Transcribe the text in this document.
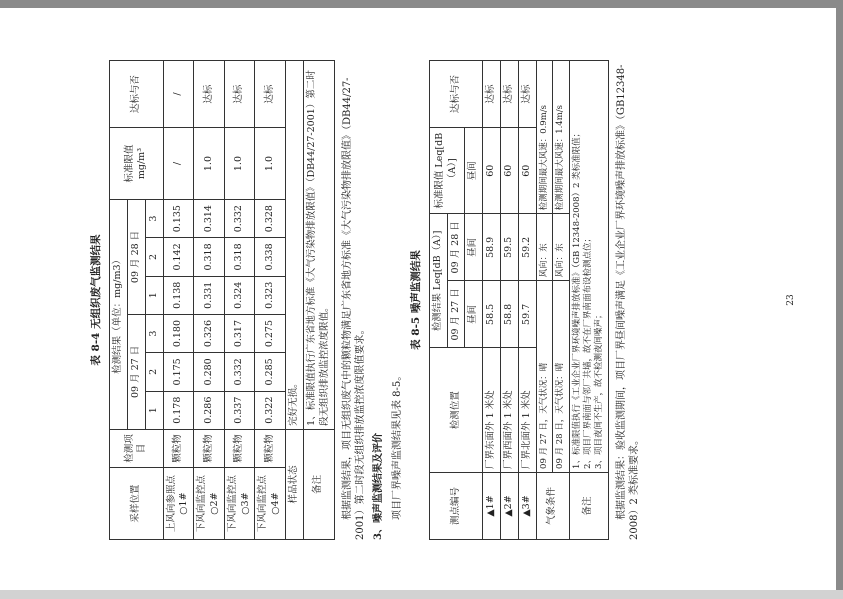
表 8-4 无组织废气监测结果
采样位置	检测项目	检测结果（单位：mg/m3）						标准限值 mg/m³	达标与否
		09 月 27 日			09 月 28 日				
		1	2	3	1	2	3		
上风向参照点○1#	颗粒物	0.178	0.175	0.180	0.138	0.142	0.135	/	/
下风向监控点○2#	颗粒物	0.286	0.280	0.326	0.331	0.318	0.314	1.0	达标
下风向监控点○3#	颗粒物	0.337	0.332	0.317	0.324	0.318	0.332	1.0	达标
下风向监控点○4#	颗粒物	0.322	0.285	0.275	0.323	0.338	0.328	1.0	达标
样品状态		完好无损。							
备注		1、标准限值执行广东省地方标准《大气污染物排放限值》（DB44/27-2001）第二时段无组织排放监控浓度限值。							根据监测结果，项目无组织废气中的颗粒物满足广东省地方标准《大气污染物排放限值》（DB44/27-2001）第二时段无组织排放监控浓度限值要求。 3、噪声监测结果及评价 项目厂界噪声监测结果见表 8-5。

表 8-5 噪声监测结果
测点编号	检测位置	检测结果 Leq[dB（A）]		标准限值 Leq[dB（A）]	达标与否
		09 月 27 日	09 月 28 日		
		昼间	昼间	昼间	
▲1#	厂界东面外 1 米处	58.5	58.9	60	达标
▲2#	厂界西面外 1 米处	58.8	59.5	60	达标
▲3#	厂界北面外 1 米处	59.7	59.2	60	达标
气象条件	09 月 27 日，天气状况：晴		风向：东	检测期间最大风速：0.9m/s	
	09 月 28 日，天气状况：晴		风向：东	检测期间最大风速：1.4m/s	
备注	1、标准限值执行《工业企业厂界环境噪声排放标准》（GB 12348-2008）2 类标准限值； 2、项目厂界南面与邻厂共墙，故不在厂界南面布设检测点位； 3、项目夜间不生产，故不检测夜间噪声；				根据监测结果：验收监测期间，项目厂界昼间噪声满足《工业企业厂界环境噪声排放标准》（GB12348-2008）2 类标准要求。

23
